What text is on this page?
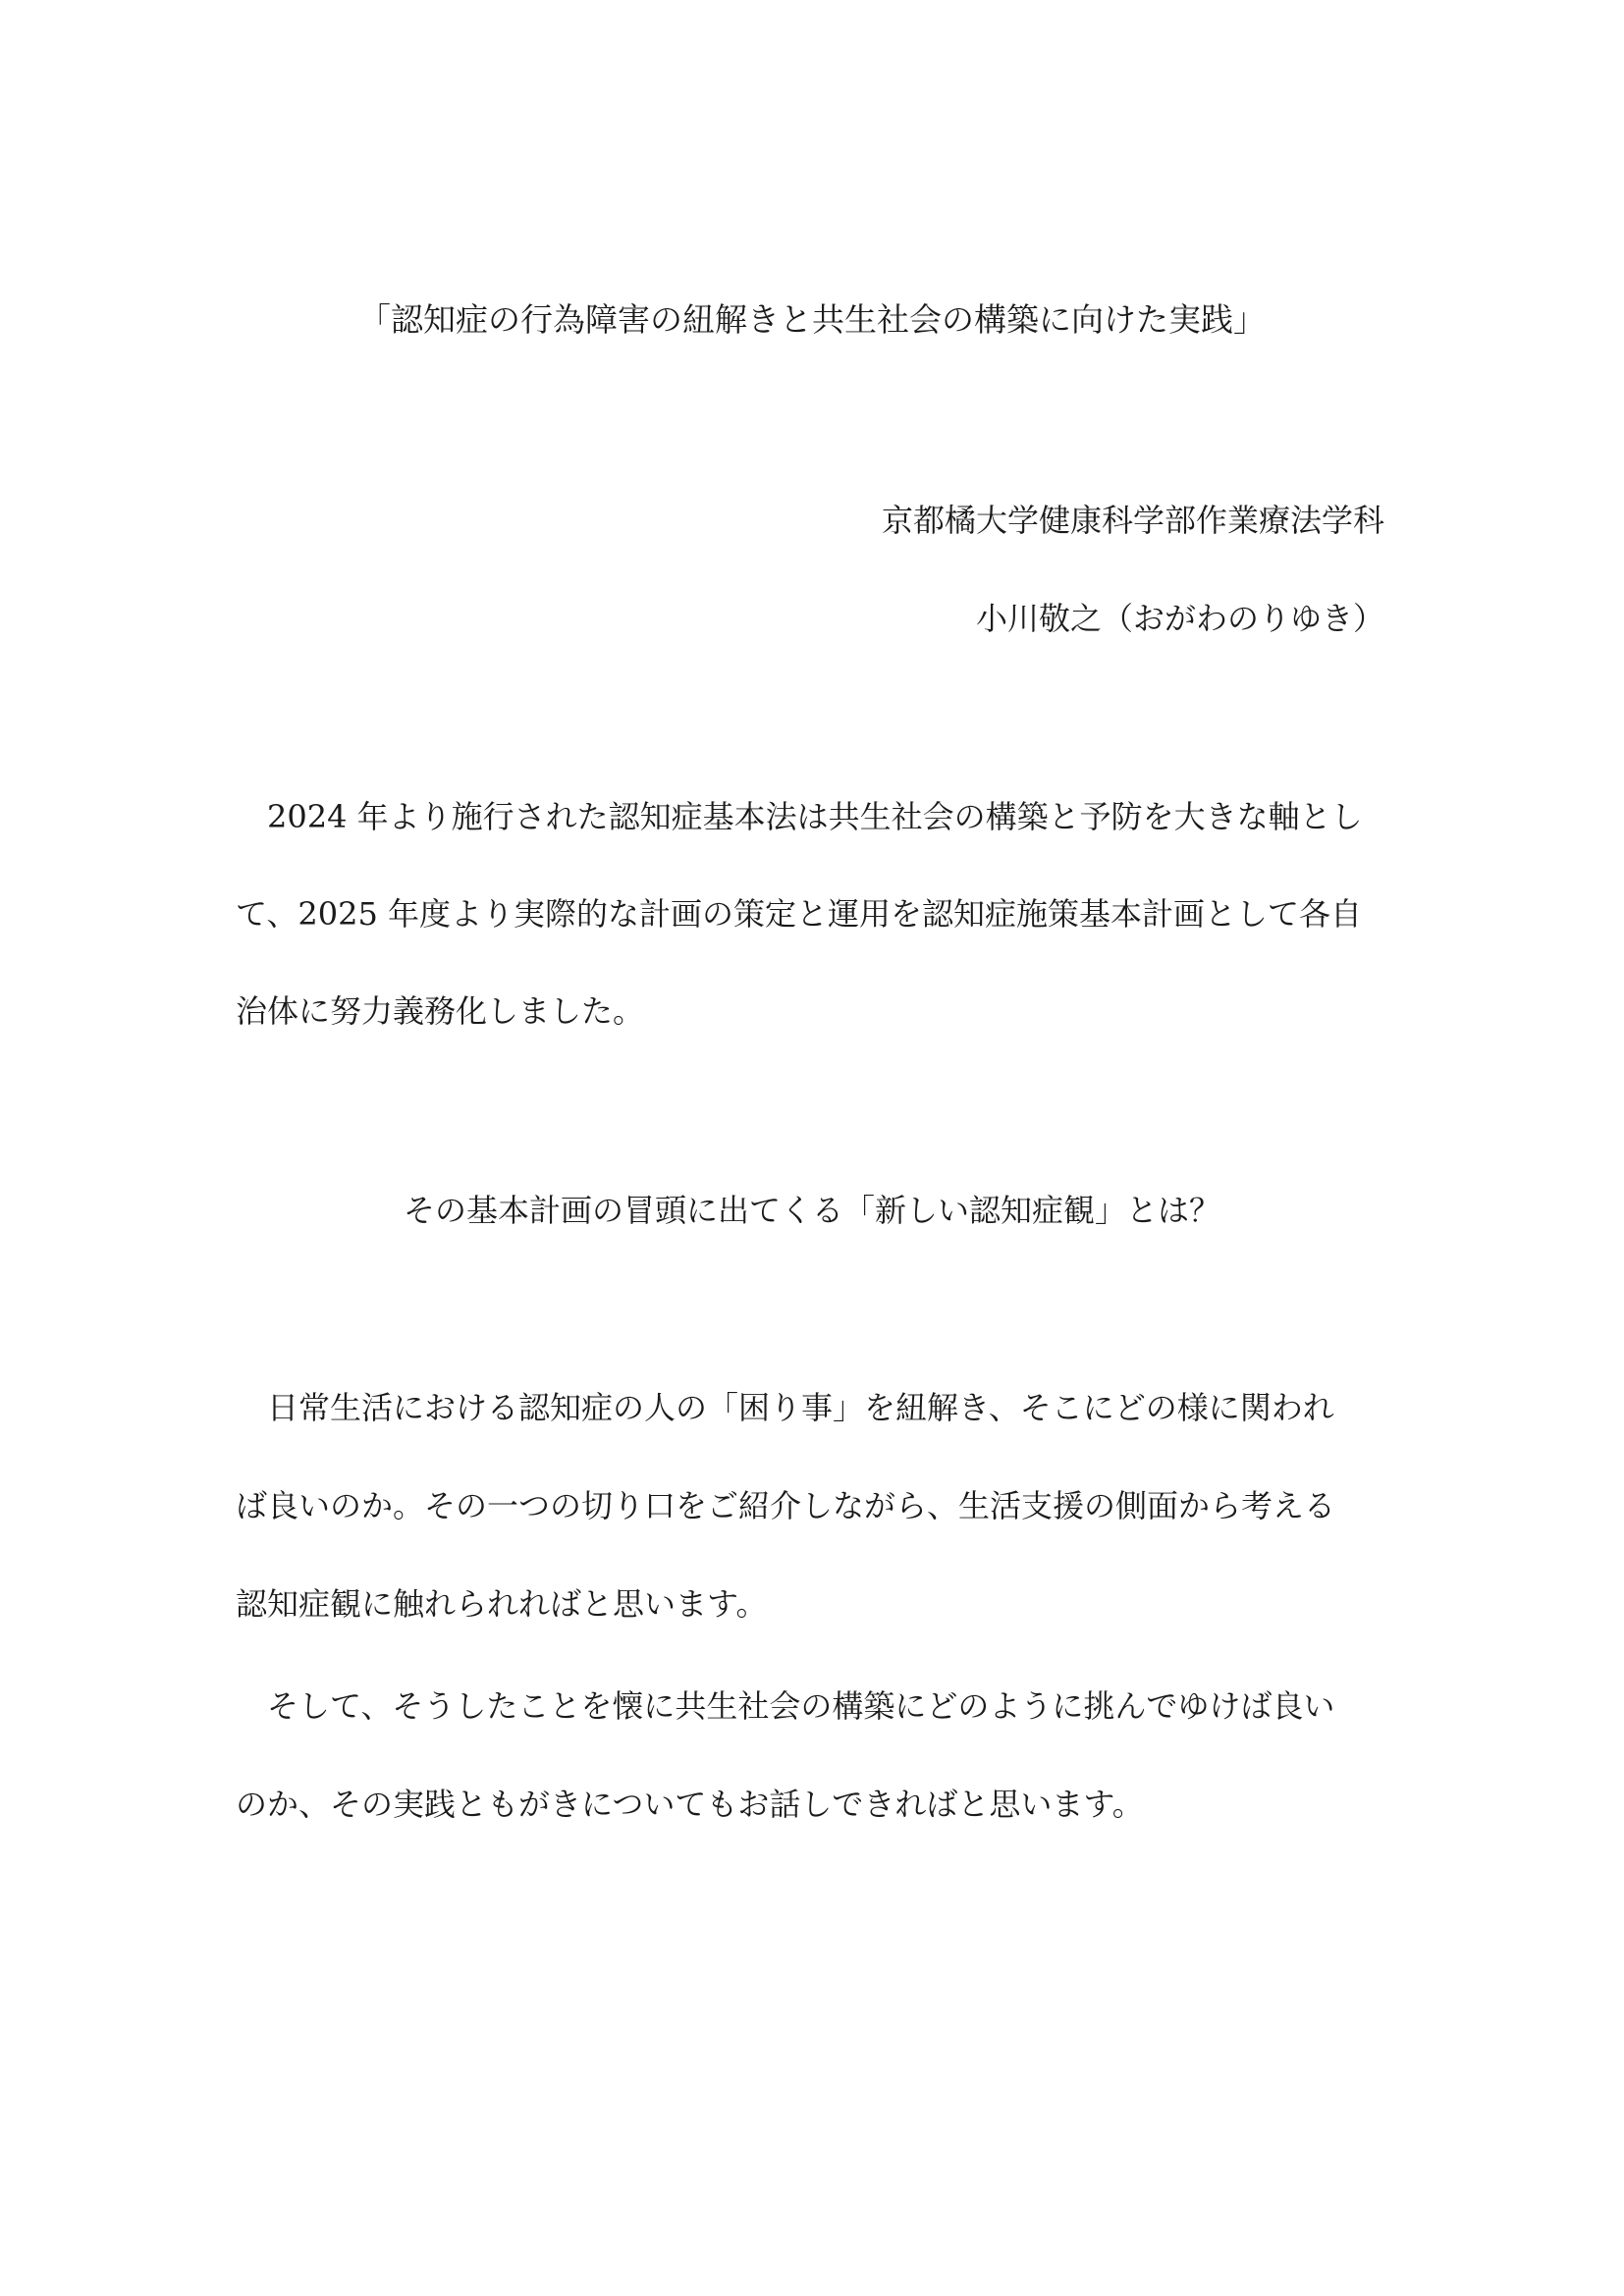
「認知症の行為障害の紐解きと共生社会の構築に向けた実践」
京都橘大学健康科学部作業療法学科
小川敬之（おがわのりゆき）
　2024 年より施行された認知症基本法は共生社会の構築と予防を大きな軸とし
て、2025 年度より実際的な計画の策定と運用を認知症施策基本計画として各自
治体に努力義務化しました。
その基本計画の冒頭に出てくる「新しい認知症観」とは？
　日常生活における認知症の人の「困り事」を紐解き、そこにどの様に関われ
ば良いのか。その一つの切り口をご紹介しながら、生活支援の側面から考える
認知症観に触れられればと思います。
　そして、そうしたことを懐に共生社会の構築にどのように挑んでゆけば良い
のか、その実践ともがきについてもお話しできればと思います。
